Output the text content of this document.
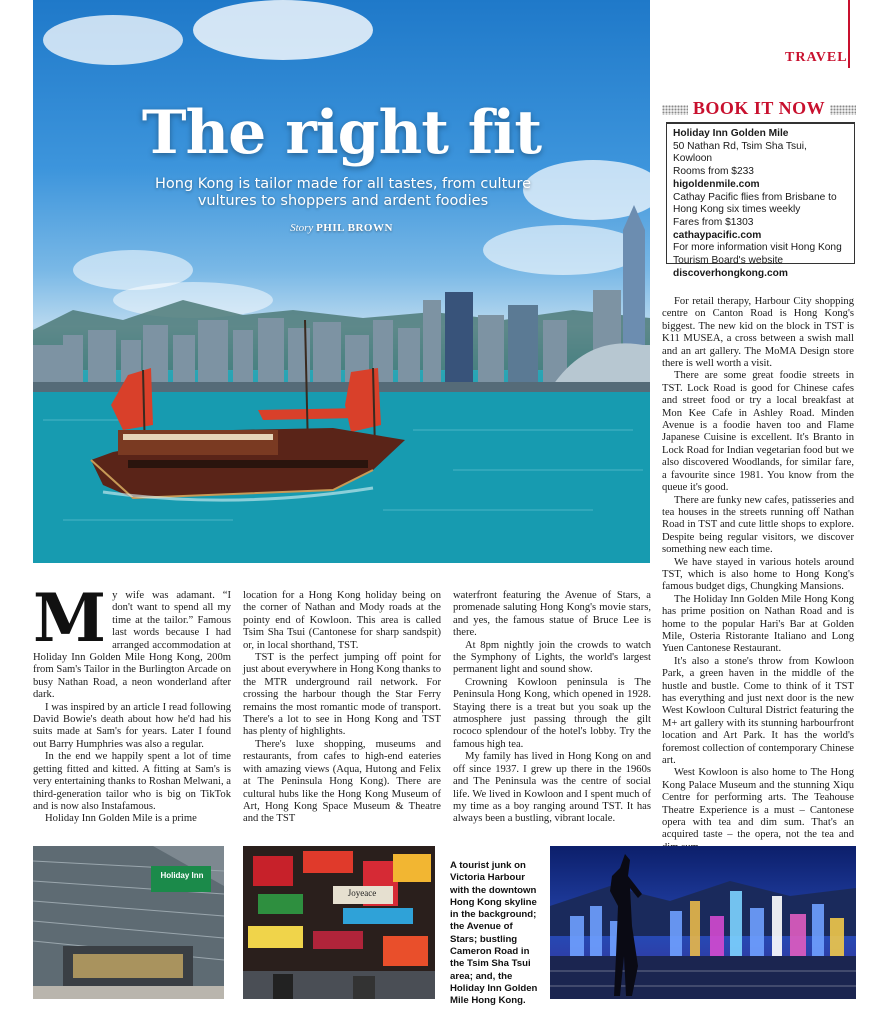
The right fit
Hong Kong is tailor made for all tastes, from culture vultures to shoppers and ardent foodies
Story PHIL BROWN
TRAVEL
BOOK IT NOW
Holiday Inn Golden Mile
50 Nathan Rd, Tsim Sha Tsui, Kowloon
Rooms from $233
higoldenmile.com
Cathay Pacific flies from Brisbane to
Hong Kong six times weekly
Fares from $1303
cathaypacific.com
For more information visit Hong Kong
Tourism Board's website
discoverhongkong.com

For retail therapy, Harbour City shopping centre on Canton Road is Hong Kong's biggest. The new kid on the block in TST is K11 MUSEA, a cross between a swish mall and an art gallery. The MoMA Design store there is well worth a visit.

There are some great foodie streets in TST. Lock Road is good for Chinese cafes and street food or try a local breakfast at Mon Kee Cafe in Ashley Road. Minden Avenue is a foodie haven too and Flame Japanese Cuisine is excellent. It's Branto in Lock Road for Indian vegetarian food but we also discovered Woodlands, for similar fare, a favourite since 1981. You know from the queue it's good.

There are funky new cafes, patisseries and tea houses in the streets running off Nathan Road in TST and cute little shops to explore. Despite being regular visitors, we discover something new each time.

We have stayed in various hotels around TST, which is also home to Hong Kong's famous budget digs, Chungking Mansions.

The Holiday Inn Golden Mile Hong Kong has prime position on Nathan Road and is home to the popular Hari's Bar at Golden Mile, Osteria Ristorante Italiano and Long Yuen Cantonese Restaurant.

It's also a stone's throw from Kowloon Park, a green haven in the middle of the hustle and bustle. Come to think of it TST has everything and just next door is the new West Kowloon Cultural District featuring the M+ art gallery with its stunning harbourfront location and Art Park. It has the world's foremost collection of contemporary Chinese art.

West Kowloon is also home to The Hong Kong Palace Museum and the stunning Xiqu Centre for performing arts. The Teahouse Theatre Experience is a must – Cantonese opera with tea and dim sum. That's an acquired taste – the opera, not the tea and

M y wife was adamant. “I don't want to spend all my time at the tailor.” Famous last words because I had arranged accommodation at Holiday Inn Golden Mile Hong Kong, 200m from Sam's Tailor in the Burlington Arcade on busy Nathan Road, a neon wonderland after dark.

I was inspired by an article I read following David Bowie's death about how he'd had his suits made at Sam's for years. Later I found out Barry Humphries was also a regular.

In the end we happily spent a lot of time getting fitted and kitted. A fitting at Sam's is very entertaining thanks to Roshan Melwani, a third-generation tailor who is big on TikTok and is now also Instafamous.

Holiday Inn Golden Mile is a prime

location for a Hong Kong holiday being on the corner of Nathan and Mody roads at the pointy end of Kowloon. This area is called Tsim Sha Tsui (Cantonese for sharp sandspit) or, in local shorthand, TST.

TST is the perfect jumping off point for just about everywhere in Hong Kong thanks to the MTR underground rail network. For crossing the harbour though the Star Ferry remains the most romantic mode of transport. There's a lot to see in Hong Kong and TST has plenty of highlights.

There's luxe shopping, museums and restaurants, from cafes to high-end eateries with amazing views (Aqua, Hutong and Felix at The Peninsula Hong Kong). There are cultural hubs like the Hong Kong Museum of Art, Hong Kong Space Museum & Theatre and the TST

waterfront featuring the Avenue of Stars, a promenade saluting Hong Kong's movie stars, and yes, the famous statue of Bruce Lee is there.

At 8pm nightly join the crowds to watch the Symphony of Lights, the world's largest permanent light and sound show.

Crowning Kowloon peninsula is The Peninsula Hong Kong, which opened in 1928. Staying there is a treat but you soak up the atmosphere just passing through the gilt rococo splendour of the hotel's lobby. Try the famous high tea.

My family has lived in Hong Kong on and off since 1937. I grew up there in the 1960s and The Peninsula was the centre of social life. We lived in Kowloon and I spent much of my time as a boy ranging around TST. It has always been a bustling, vibrant locale.

Holiday Inn
Joyeace
A tourist junk on Victoria Harbour with the downtown Hong Kong skyline in the background; the Avenue of Stars; bustling Cameron Road in the Tsim Sha Tsui area; and, the Holiday Inn Golden Mile Hong Kong.
